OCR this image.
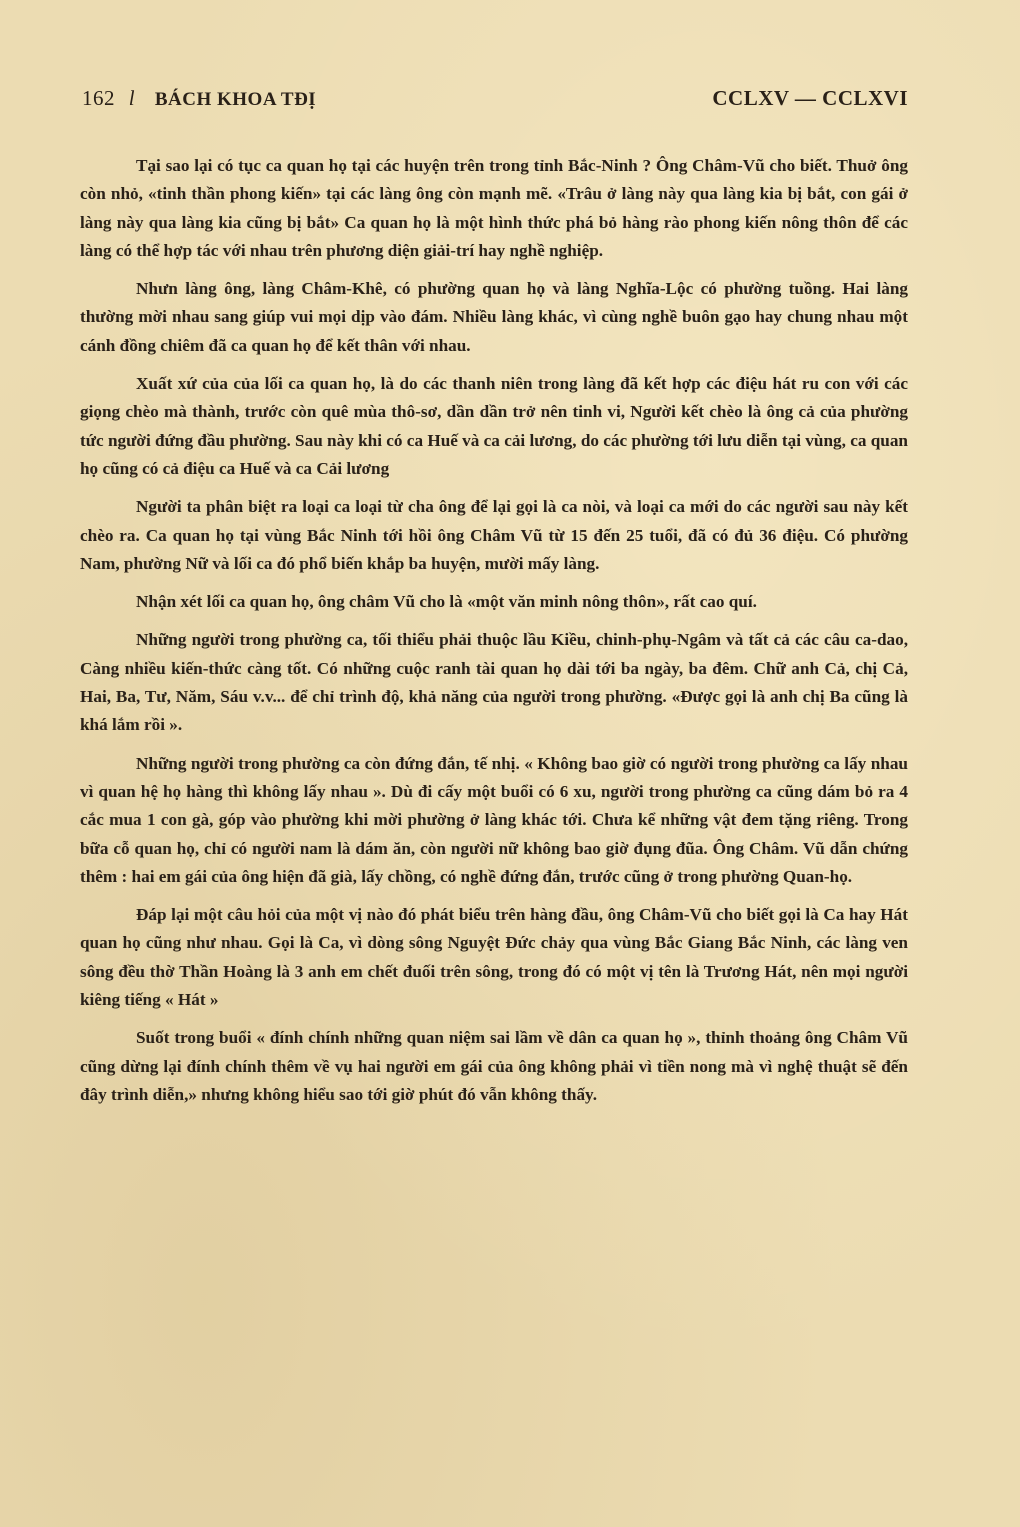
162 l BÁCH KHOA TĐỊ	CCLXV — CCLXVI

Tại sao lại có tục ca quan họ tại các huyện trên trong tỉnh Bắc-Ninh ? Ông Châm-Vũ cho biết. Thuở ông còn nhỏ, «tinh thần phong kiến» tại các làng ông còn mạnh mẽ. «Trâu ở làng này qua làng kia bị bắt, con gái ở làng này qua làng kia cũng bị bắt» Ca quan họ là một hình thức phá bỏ hàng rào phong kiến nông thôn để các làng có thể hợp tác với nhau trên phương diện giải-trí hay nghề nghiệp.

Nhưn làng ông, làng Châm-Khê, có phường quan họ và làng Nghĩa-Lộc có phường tuồng. Hai làng thường mời nhau sang giúp vui mọi dịp vào đám. Nhiều làng khác, vì cùng nghề buôn gạo hay chung nhau một cánh đồng chiêm đã ca quan họ để kết thân với nhau.

Xuất xứ của của lối ca quan họ, là do các thanh niên trong làng đã kết hợp các điệu hát ru con với các giọng chèo mà thành, trước còn quê mùa thô-sơ, dần dần trở nên tinh vi, Người kết chèo là ông cả của phường tức người đứng đầu phường. Sau này khi có ca Huế và ca cải lương, do các phường tới lưu diễn tại vùng, ca quan họ cũng có cả điệu ca Huế và ca Cải lương

Người ta phân biệt ra loại ca loại từ cha ông để lại gọi là ca nòi, và loại ca mới do các người sau này kết chèo ra. Ca quan họ tại vùng Bắc Ninh tới hồi ông Châm Vũ từ 15 đến 25 tuổi, đã có đủ 36 điệu. Có phường Nam, phường Nữ và lối ca đó phổ biến khắp ba huyện, mười mấy làng.

Nhận xét lối ca quan họ, ông châm Vũ cho là «một văn minh nông thôn», rất cao quí.

Những người trong phường ca, tối thiểu phải thuộc lầu Kiều, chinh-phụ-Ngâm và tất cả các câu ca-dao, Càng nhiều kiến-thức càng tốt. Có những cuộc ranh tài quan họ dài tới ba ngày, ba đêm. Chữ anh Cả, chị Cả, Hai, Ba, Tư, Năm, Sáu v.v... để chỉ trình độ, khả năng của người trong phường. «Được gọi là anh chị Ba cũng là khá lắm rồi ».

Những người trong phường ca còn đứng đắn, tế nhị. « Không bao giờ có người trong phường ca lấy nhau vì quan hệ họ hàng thì không lấy nhau ». Dù đi cấy một buổi có 6 xu, người trong phường ca cũng dám bỏ ra 4 cắc mua 1 con gà, góp vào phường khi mời phường ở làng khác tới. Chưa kể những vật đem tặng riêng. Trong bữa cỗ quan họ, chỉ có người nam là dám ăn, còn người nữ không bao giờ đụng đũa. Ông Châm. Vũ dẫn chứng thêm : hai em gái của ông hiện đã già, lấy chồng, có nghề đứng đắn, trước cũng ở trong phường Quan-họ.

Đáp lại một câu hỏi của một vị nào đó phát biểu trên hàng đầu, ông Châm-Vũ cho biết gọi là Ca hay Hát quan họ cũng như nhau. Gọi là Ca, vì dòng sông Nguyệt Đức chảy qua vùng Bắc Giang Bắc Ninh, các làng ven sông đều thờ Thần Hoàng là 3 anh em chết đuối trên sông, trong đó có một vị tên là Trương Hát, nên mọi người kiêng tiếng « Hát »

Suốt trong buổi « đính chính những quan niệm sai lầm về dân ca quan họ », thỉnh thoảng ông Châm Vũ cũng dừng lại đính chính thêm về vụ hai người em gái của ông không phải vì tiền nong mà vì nghệ thuật sẽ đến đây trình diễn,» nhưng không hiểu sao tới giờ phút đó vẫn không thấy.
